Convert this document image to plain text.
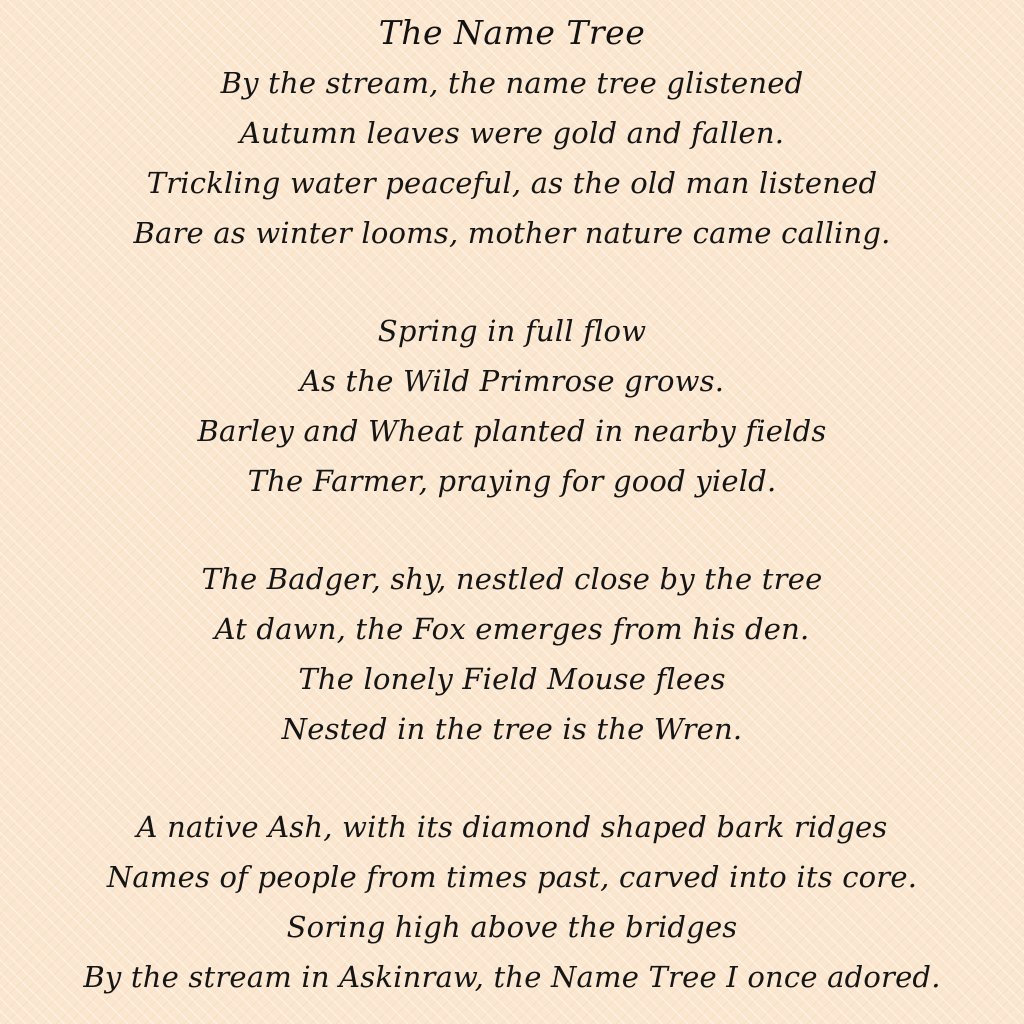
The Name Tree
By the stream, the name tree glistened
Autumn leaves were gold and fallen.
Trickling water peaceful, as the old man listened
Bare as winter looms, mother nature came calling.
Spring in full flow
As the Wild Primrose grows.
Barley and Wheat planted in nearby fields
The Farmer, praying for good yield.
The Badger, shy, nestled close by the tree
At dawn, the Fox emerges from his den.
The lonely Field Mouse flees
Nested in the tree is the Wren.
A native Ash, with its diamond shaped bark ridges
Names of people from times past, carved into its core.
Soring high above the bridges
By the stream in Askinraw, the Name Tree I once adored.
